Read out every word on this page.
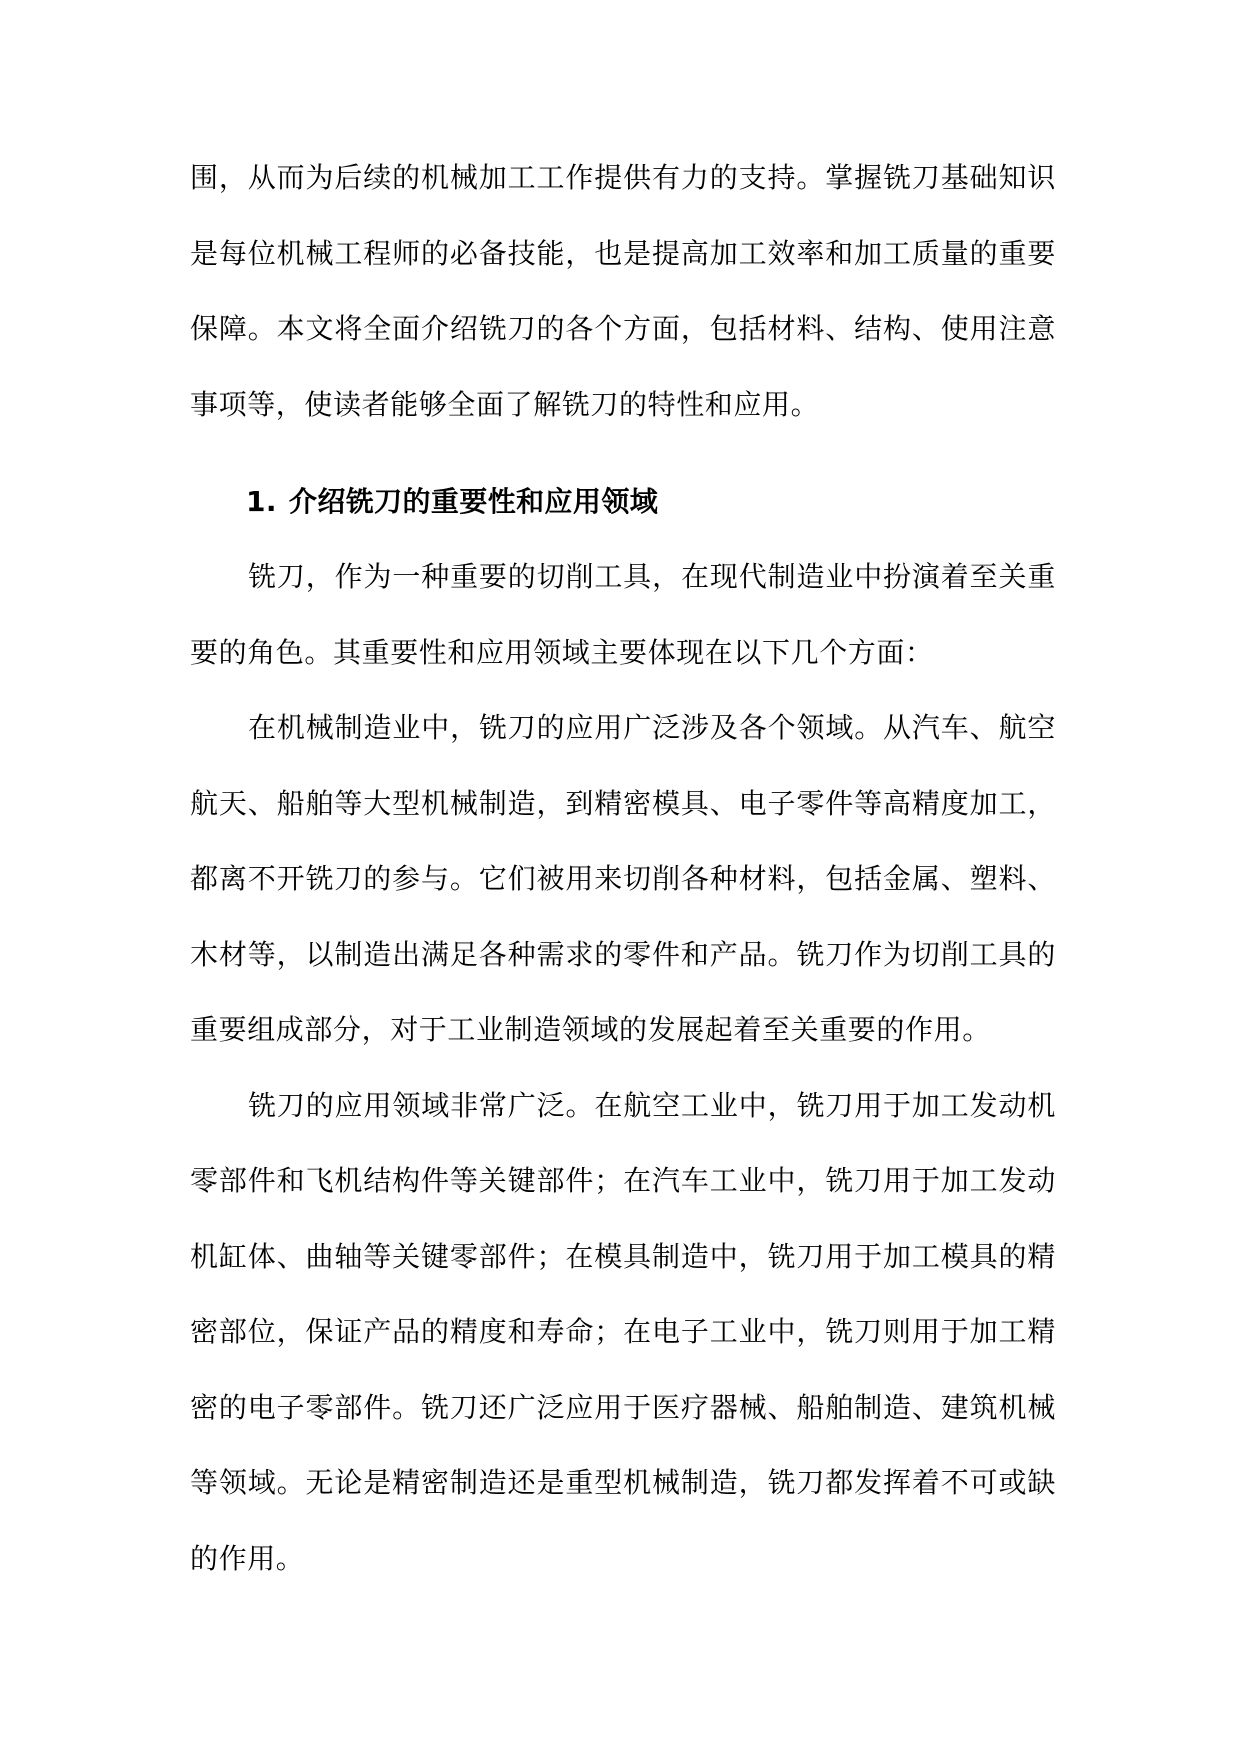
围，从而为后续的机械加工工作提供有力的支持。掌握铣刀基础知识是每位机械工程师的必备技能，也是提高加工效率和加工质量的重要保障。本文将全面介绍铣刀的各个方面，包括材料、结构、使用注意事项等，使读者能够全面了解铣刀的特性和应用。

1. 介绍铣刀的重要性和应用领域

铣刀，作为一种重要的切削工具，在现代制造业中扮演着至关重要的角色。其重要性和应用领域主要体现在以下几个方面：

在机械制造业中，铣刀的应用广泛涉及各个领域。从汽车、航空航天、船舶等大型机械制造，到精密模具、电子零件等高精度加工，都离不开铣刀的参与。它们被用来切削各种材料，包括金属、塑料、木材等，以制造出满足各种需求的零件和产品。铣刀作为切削工具的重要组成部分，对于工业制造领域的发展起着至关重要的作用。

铣刀的应用领域非常广泛。在航空工业中，铣刀用于加工发动机零部件和飞机结构件等关键部件；在汽车工业中，铣刀用于加工发动机缸体、曲轴等关键零部件；在模具制造中，铣刀用于加工模具的精密部位，保证产品的精度和寿命；在电子工业中，铣刀则用于加工精密的电子零部件。铣刀还广泛应用于医疗器械、船舶制造、建筑机械等领域。无论是精密制造还是重型机械制造，铣刀都发挥着不可或缺的作用。
